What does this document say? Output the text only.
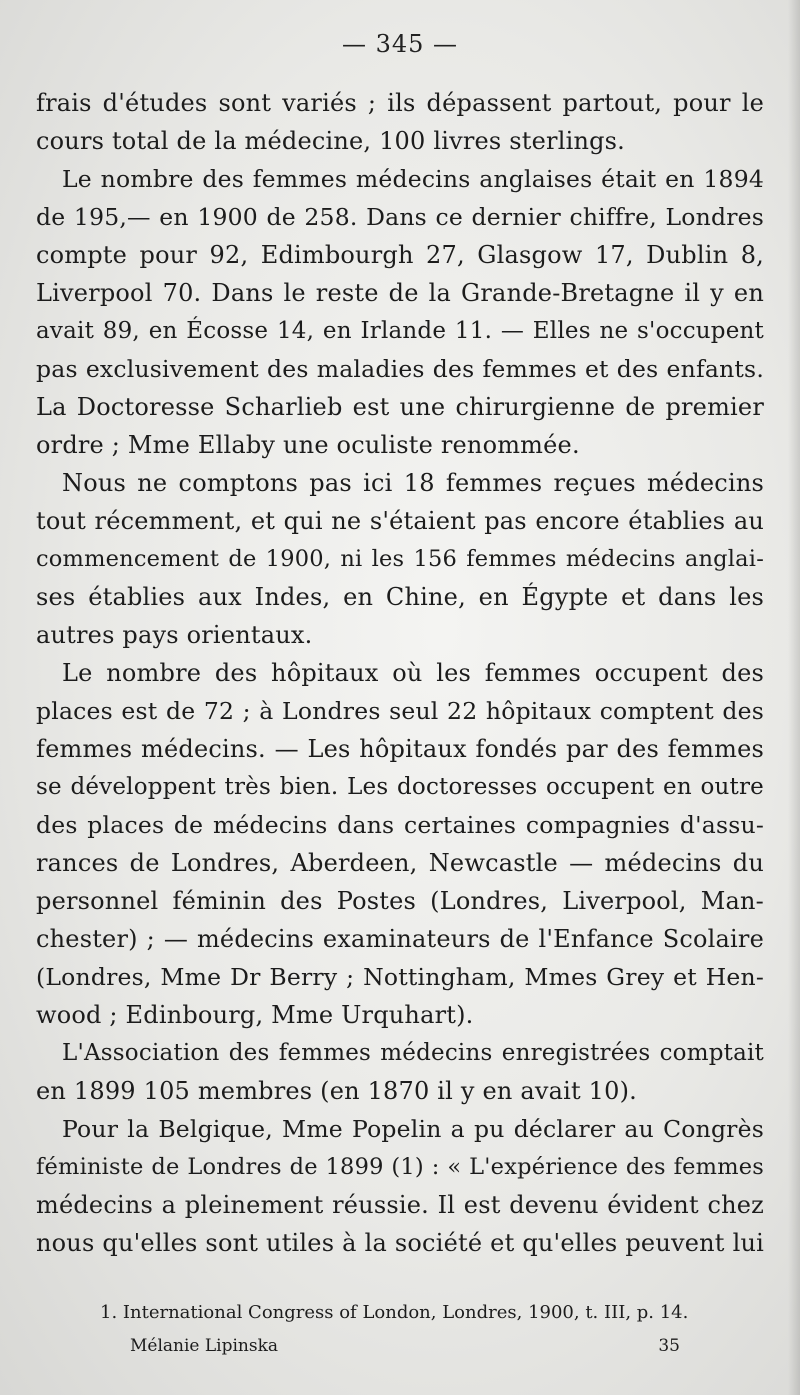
— 345 —
frais d'études sont variés ; ils dépassent partout, pour le
cours total de la médecine, 100 livres sterlings.
Le nombre des femmes médecins anglaises était en 1894
de 195,— en 1900 de 258. Dans ce dernier chiffre, Londres
compte pour 92, Edimbourgh 27, Glasgow 17, Dublin 8,
Liverpool 70. Dans le reste de la Grande-Bretagne il y en
avait 89, en Écosse 14, en Irlande 11. — Elles ne s'occupent
pas exclusivement des maladies des femmes et des enfants.
La Doctoresse Scharlieb est une chirurgienne de premier
ordre ; Mme Ellaby une oculiste renommée.
Nous ne comptons pas ici 18 femmes reçues médecins
tout récemment, et qui ne s'étaient pas encore établies au
commencement de 1900, ni les 156 femmes médecins anglai-
ses établies aux Indes, en Chine, en Égypte et dans les
autres pays orientaux.
Le nombre des hôpitaux où les femmes occupent des
places est de 72 ; à Londres seul 22 hôpitaux comptent des
femmes médecins. — Les hôpitaux fondés par des femmes
se développent très bien. Les doctoresses occupent en outre
des places de médecins dans certaines compagnies d'assu-
rances de Londres, Aberdeen, Newcastle — médecins du
personnel féminin des Postes (Londres, Liverpool, Man-
chester) ; — médecins examinateurs de l'Enfance Scolaire
(Londres, Mme Dr Berry ; Nottingham, Mmes Grey et Hen-
wood ; Edinbourg, Mme Urquhart).
L'Association des femmes médecins enregistrées comptait
en 1899 105 membres (en 1870 il y en avait 10).
Pour la Belgique, Mme Popelin a pu déclarer au Congrès
féministe de Londres de 1899 (1) : « L'expérience des femmes
médecins a pleinement réussie. Il est devenu évident chez
nous qu'elles sont utiles à la société et qu'elles peuvent lui
1. International Congress of London, Londres, 1900, t. III, p. 14.
Mélanie Lipinska	35
